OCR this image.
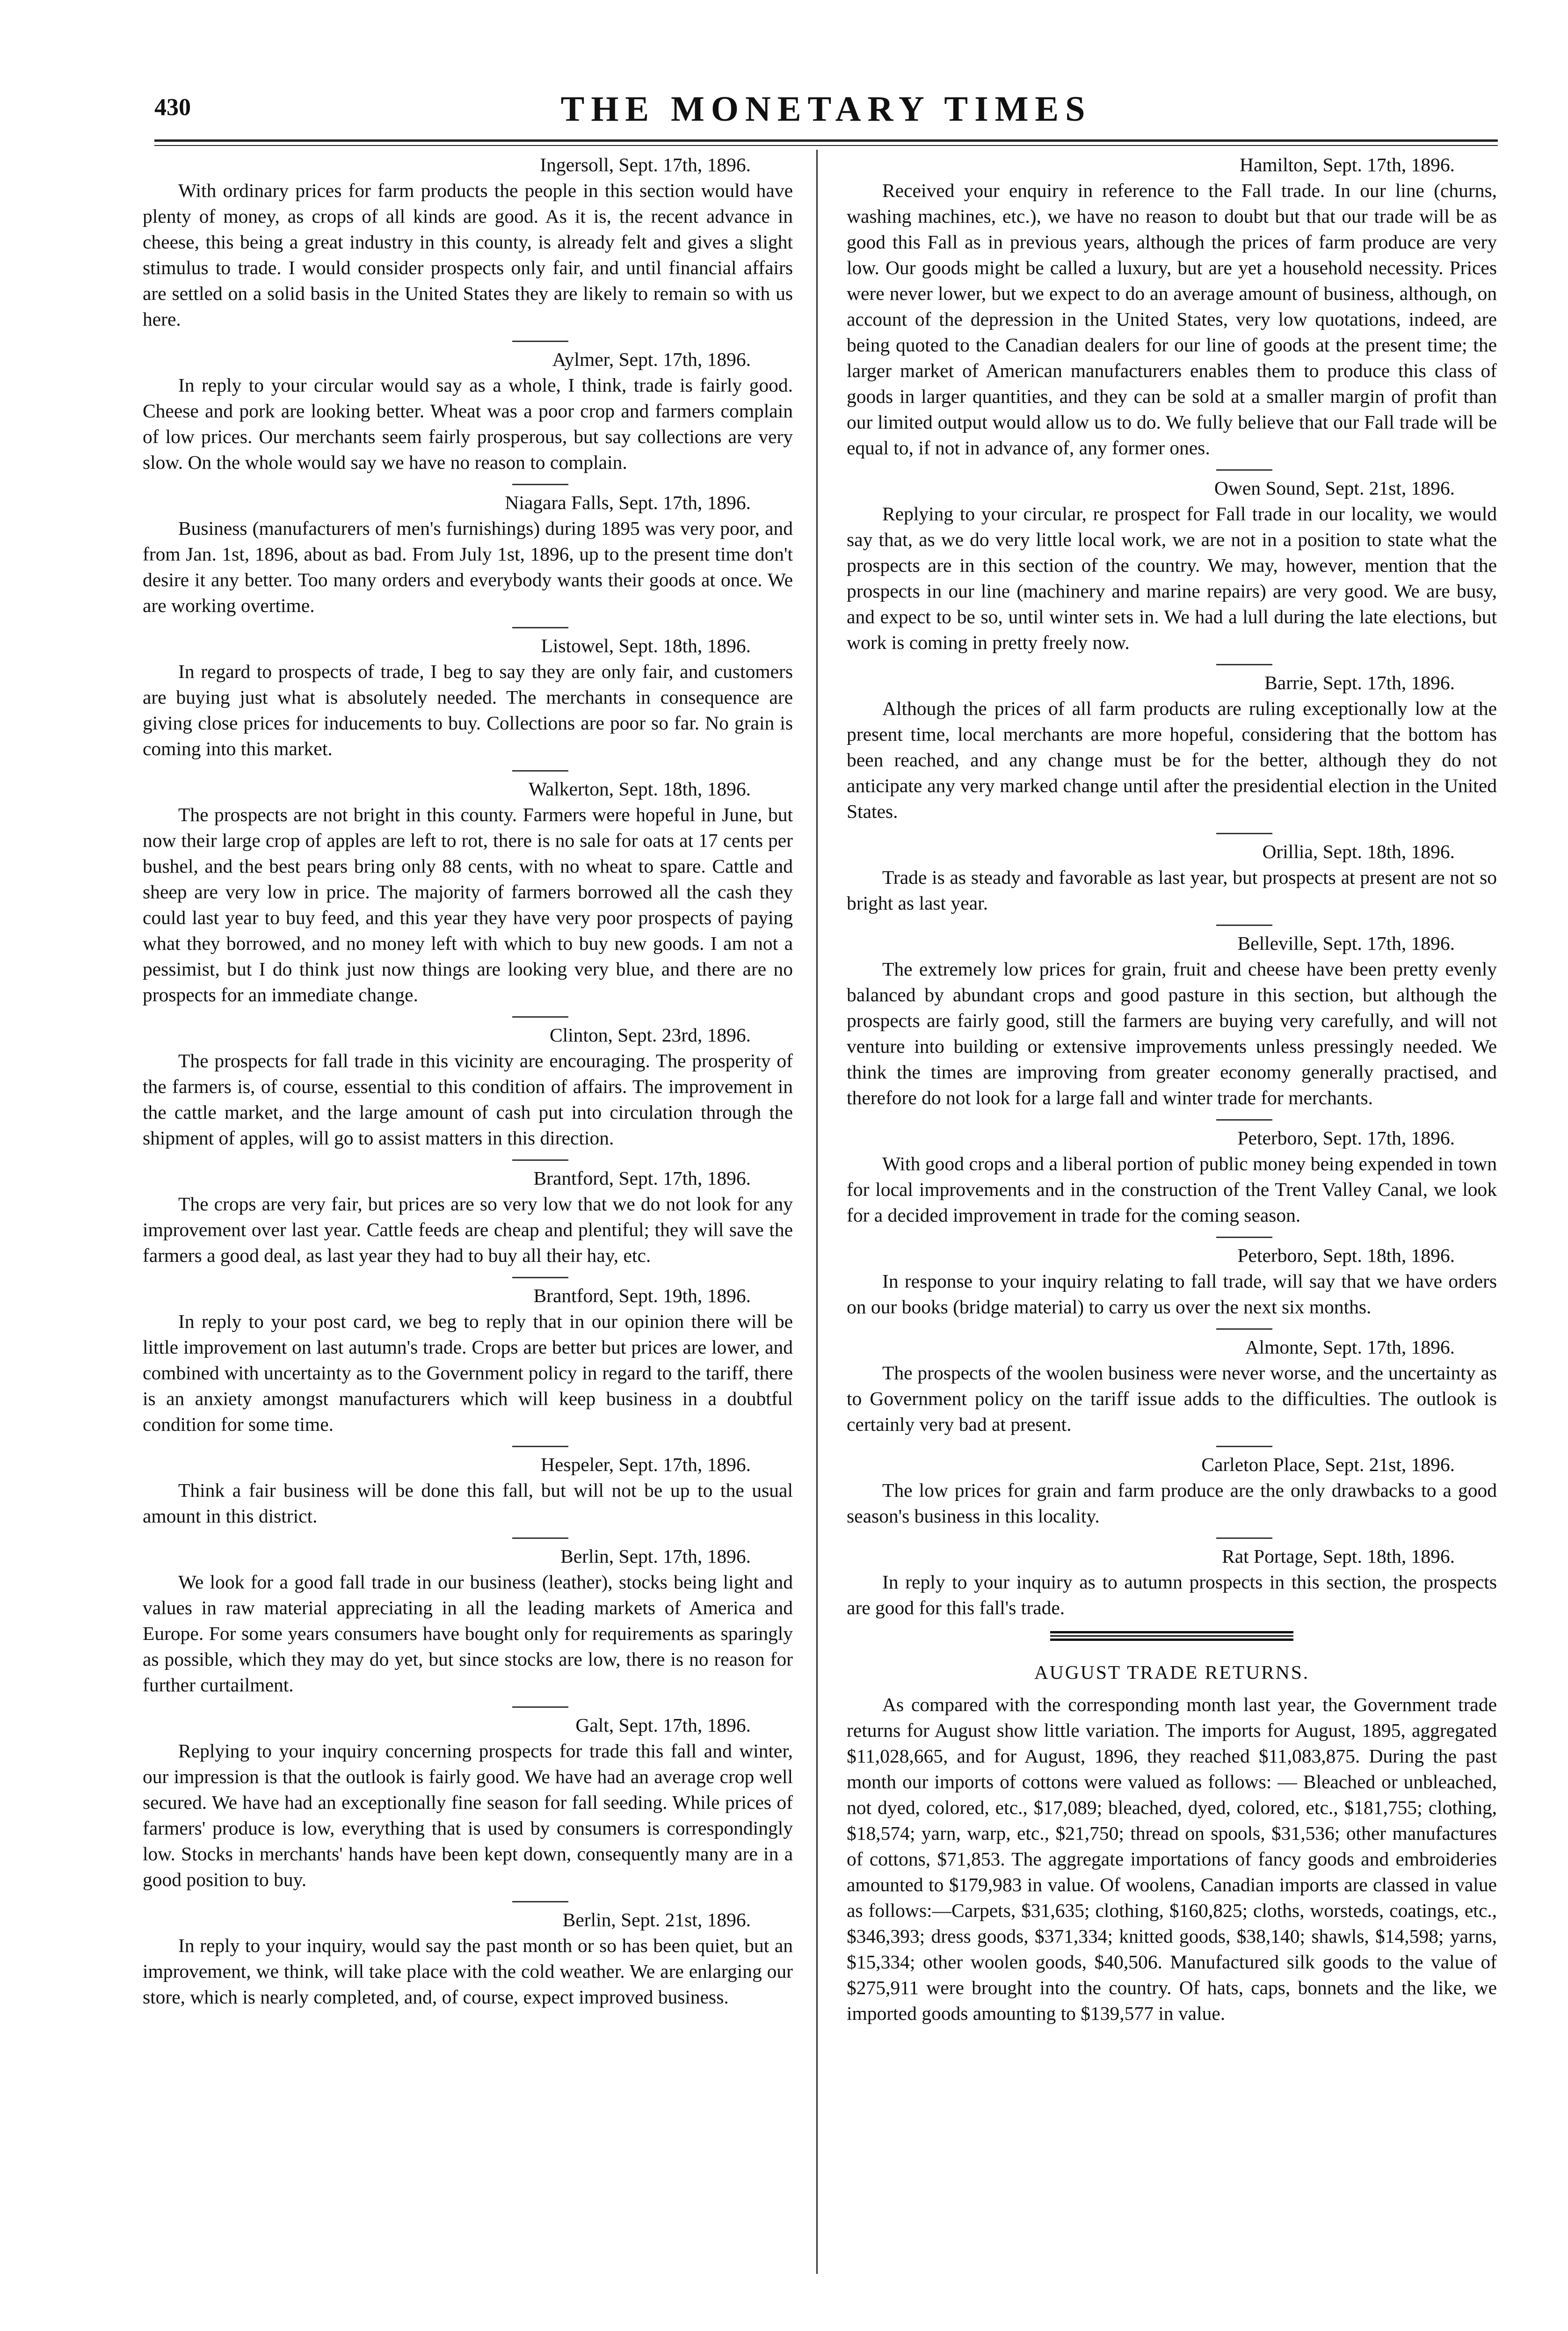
430	THE MONETARY TIMES
Ingersoll, Sept. 17th, 1896.

With ordinary prices for farm products the people in this section would have plenty of money, as crops of all kinds are good. As it is, the recent advance in cheese, this being a great industry in this county, is already felt and gives a slight stimulus to trade. I would consider prospects only fair, and until financial affairs are settled on a solid basis in the United States they are likely to remain so with us here.

Aylmer, Sept. 17th, 1896.

In reply to your circular would say as a whole, I think, trade is fairly good. Cheese and pork are looking better. Wheat was a poor crop and farmers complain of low prices. Our merchants seem fairly prosperous, but say collections are very slow. On the whole would say we have no reason to complain.

Niagara Falls, Sept. 17th, 1896.

Business (manufacturers of men's furnishings) during 1895 was very poor, and from Jan. 1st, 1896, about as bad. From July 1st, 1896, up to the present time don't desire it any better. Too many orders and everybody wants their goods at once. We are working overtime.

Listowel, Sept. 18th, 1896.

In regard to prospects of trade, I beg to say they are only fair, and customers are buying just what is absolutely needed. The merchants in consequence are giving close prices for inducements to buy. Collections are poor so far. No grain is coming into this market.

Walkerton, Sept. 18th, 1896.

The prospects are not bright in this county. Farmers were hopeful in June, but now their large crop of apples are left to rot, there is no sale for oats at 17 cents per bushel, and the best pears bring only 88 cents, with no wheat to spare. Cattle and sheep are very low in price. The majority of farmers borrowed all the cash they could last year to buy feed, and this year they have very poor prospects of paying what they borrowed, and no money left with which to buy new goods. I am not a pessimist, but I do think just now things are looking very blue, and there are no prospects for an immediate change.

Clinton, Sept. 23rd, 1896.

The prospects for fall trade in this vicinity are encouraging. The prosperity of the farmers is, of course, essential to this condition of affairs. The improvement in the cattle market, and the large amount of cash put into circulation through the shipment of apples, will go to assist matters in this direction.

Brantford, Sept. 17th, 1896.

The crops are very fair, but prices are so very low that we do not look for any improvement over last year. Cattle feeds are cheap and plentiful; they will save the farmers a good deal, as last year they had to buy all their hay, etc.

Brantford, Sept. 19th, 1896.

In reply to your post card, we beg to reply that in our opinion there will be little improvement on last autumn's trade. Crops are better but prices are lower, and combined with uncertainty as to the Government policy in regard to the tariff, there is an anxiety amongst manufacturers which will keep business in a doubtful condition for some time.

Hespeler, Sept. 17th, 1896.

Think a fair business will be done this fall, but will not be up to the usual amount in this district.

Berlin, Sept. 17th, 1896.

We look for a good fall trade in our business (leather), stocks being light and values in raw material appreciating in all the leading markets of America and Europe. For some years consumers have bought only for requirements as sparingly as possible, which they may do yet, but since stocks are low, there is no reason for further curtailment.

Galt, Sept. 17th, 1896.

Replying to your inquiry concerning prospects for trade this fall and winter, our impression is that the outlook is fairly good. We have had an average crop well secured. We have had an exceptionally fine season for fall seeding. While prices of farmers' produce is low, everything that is used by consumers is correspondingly low. Stocks in merchants' hands have been kept down, consequently many are in a good position to buy.

Berlin, Sept. 21st, 1896.

In reply to your inquiry, would say the past month or so has been quiet, but an improvement, we think, will take place with the cold weather. We are enlarging our store, which is nearly completed, and, of course, expect improved business.

Hamilton, Sept. 17th, 1896.

Received your enquiry in reference to the Fall trade. In our line (churns, washing machines, etc.), we have no reason to doubt but that our trade will be as good this Fall as in previous years, although the prices of farm produce are very low. Our goods might be called a luxury, but are yet a household necessity. Prices were never lower, but we expect to do an average amount of business, although, on account of the depression in the United States, very low quotations, indeed, are being quoted to the Canadian dealers for our line of goods at the present time; the larger market of American manufacturers enables them to produce this class of goods in larger quantities, and they can be sold at a smaller margin of profit than our limited output would allow us to do. We fully believe that our Fall trade will be equal to, if not in advance of, any former ones.

Owen Sound, Sept. 21st, 1896.

Replying to your circular, re prospect for Fall trade in our locality, we would say that, as we do very little local work, we are not in a position to state what the prospects are in this section of the country. We may, however, mention that the prospects in our line (machinery and marine repairs) are very good. We are busy, and expect to be so, until winter sets in. We had a lull during the late elections, but work is coming in pretty freely now.

Barrie, Sept. 17th, 1896.

Although the prices of all farm products are ruling exceptionally low at the present time, local merchants are more hopeful, considering that the bottom has been reached, and any change must be for the better, although they do not anticipate any very marked change until after the presidential election in the United States.

Orillia, Sept. 18th, 1896.

Trade is as steady and favorable as last year, but prospects at present are not so bright as last year.

Belleville, Sept. 17th, 1896.

The extremely low prices for grain, fruit and cheese have been pretty evenly balanced by abundant crops and good pasture in this section, but although the prospects are fairly good, still the farmers are buying very carefully, and will not venture into building or extensive improvements unless pressingly needed. We think the times are improving from greater economy generally practised, and therefore do not look for a large fall and winter trade for merchants.

Peterboro, Sept. 17th, 1896.

With good crops and a liberal portion of public money being expended in town for local improvements and in the construction of the Trent Valley Canal, we look for a decided improvement in trade for the coming season.

Peterboro, Sept. 18th, 1896.

In response to your inquiry relating to fall trade, will say that we have orders on our books (bridge material) to carry us over the next six months.

Almonte, Sept. 17th, 1896.

The prospects of the woolen business were never worse, and the uncertainty as to Government policy on the tariff issue adds to the difficulties. The outlook is certainly very bad at present.

Carleton Place, Sept. 21st, 1896.

The low prices for grain and farm produce are the only drawbacks to a good season's business in this locality.

Rat Portage, Sept. 18th, 1896.

In reply to your inquiry as to autumn prospects in this section, the prospects are good for this fall's trade.

AUGUST TRADE RETURNS.

As compared with the corresponding month last year, the Government trade returns for August show little variation. The imports for August, 1895, aggregated $11,028,665, and for August, 1896, they reached $11,083,875. During the past month our imports of cottons were valued as follows: — Bleached or unbleached, not dyed, colored, etc., $17,089; bleached, dyed, colored, etc., $181,755; clothing, $18,574; yarn, warp, etc., $21,750; thread on spools, $31,536; other manufactures of cottons, $71,853. The aggregate importations of fancy goods and embroideries amounted to $179,983 in value. Of woolens, Canadian imports are classed in value as follows:—Carpets, $31,635; clothing, $160,825; cloths, worsteds, coatings, etc., $346,393; dress goods, $371,334; knitted goods, $38,140; shawls, $14,598; yarns, $15,334; other woolen goods, $40,506. Manufactured silk goods to the value of $275,911 were brought into the country. Of hats, caps, bonnets and the like, we imported goods amounting to $139,577 in value.
